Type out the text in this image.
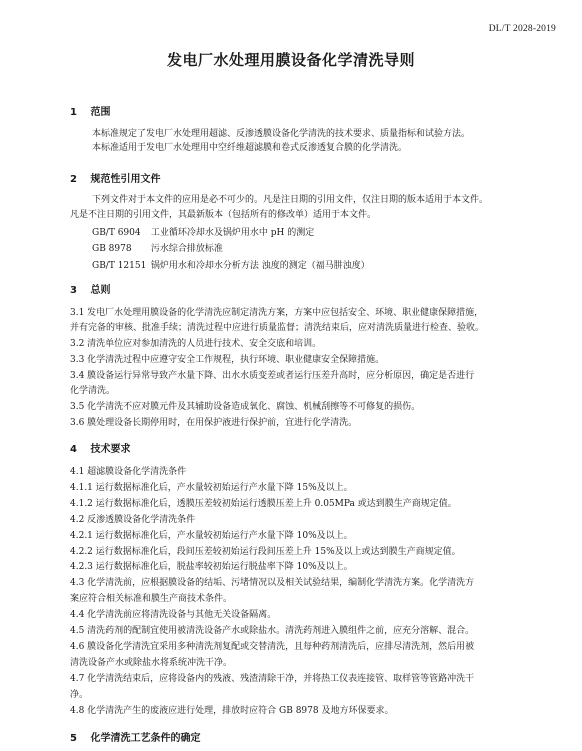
DL/T 2028-2019
发电厂水处理用膜设备化学清洗导则
1 范围
本标准规定了发电厂水处理用超滤、反渗透膜设备化学清洗的技术要求、质量指标和试验方法。
本标准适用于发电厂水处理用中空纤维超滤膜和卷式反渗透复合膜的化学清洗。
2 规范性引用文件
下列文件对于本文件的应用是必不可少的。凡是注日期的引用文件，仅注日期的版本适用于本文件。
凡是不注日期的引用文件，其最新版本（包括所有的修改单）适用于本文件。
GB/T 6904 工业循环冷却水及锅炉用水中 pH 的测定
GB 8978 污水综合排放标准
GB/T 12151 锅炉用水和冷却水分析方法 浊度的测定（福马肼浊度）
3 总则
3.1 发电厂水处理用膜设备的化学清洗应制定清洗方案，方案中应包括安全、环境、职业健康保障措施，
并有完备的审核、批准手续；清洗过程中应进行质量监督；清洗结束后，应对清洗质量进行检查、验收。
3.2 清洗单位应对参加清洗的人员进行技术、安全交底和培训。
3.3 化学清洗过程中应遵守安全工作规程，执行环境、职业健康安全保障措施。
3.4 膜设备运行异常导致产水量下降、出水水质变差或者运行压差升高时，应分析原因，确定是否进行
化学清洗。
3.5 化学清洗不应对膜元件及其辅助设备造成氧化、腐蚀、机械刮擦等不可修复的损伤。
3.6 膜处理设备长期停用时，在用保护液进行保护前，宜进行化学清洗。
4 技术要求
4.1 超滤膜设备化学清洗条件
4.1.1 运行数据标准化后，产水量较初始运行产水量下降 15%及以上。
4.1.2 运行数据标准化后，透膜压差较初始运行透膜压差上升 0.05MPa 或达到膜生产商规定值。
4.2 反渗透膜设备化学清洗条件
4.2.1 运行数据标准化后，产水量较初始运行产水量下降 10%及以上。
4.2.2 运行数据标准化后，段间压差较初始运行段间压差上升 15%及以上或达到膜生产商规定值。
4.2.3 运行数据标准化后，脱盐率较初始运行脱盐率下降 10%及以上。
4.3 化学清洗前，应根据膜设备的结垢、污堵情况以及相关试验结果，编制化学清洗方案。化学清洗方
案应符合相关标准和膜生产商技术条件。
4.4 化学清洗前应将清洗设备与其他无关设备隔离。
4.5 清洗药剂的配制宜使用被清洗设备产水或除盐水。清洗药剂进入膜组件之前，应充分溶解、混合。
4.6 膜设备化学清洗宜采用多种清洗剂复配或交替清洗，且每种药剂清洗后，应排尽清洗剂，然后用被
清洗设备产水或除盐水将系统冲洗干净。
4.7 化学清洗结束后，应将设备内的残液、残渣清除干净，并将热工仪表连接管、取样管等管路冲洗干
净。
4.8 化学清洗产生的废液应进行处理，排放时应符合 GB 8978 及地方环保要求。
5 化学清洗工艺条件的确定
